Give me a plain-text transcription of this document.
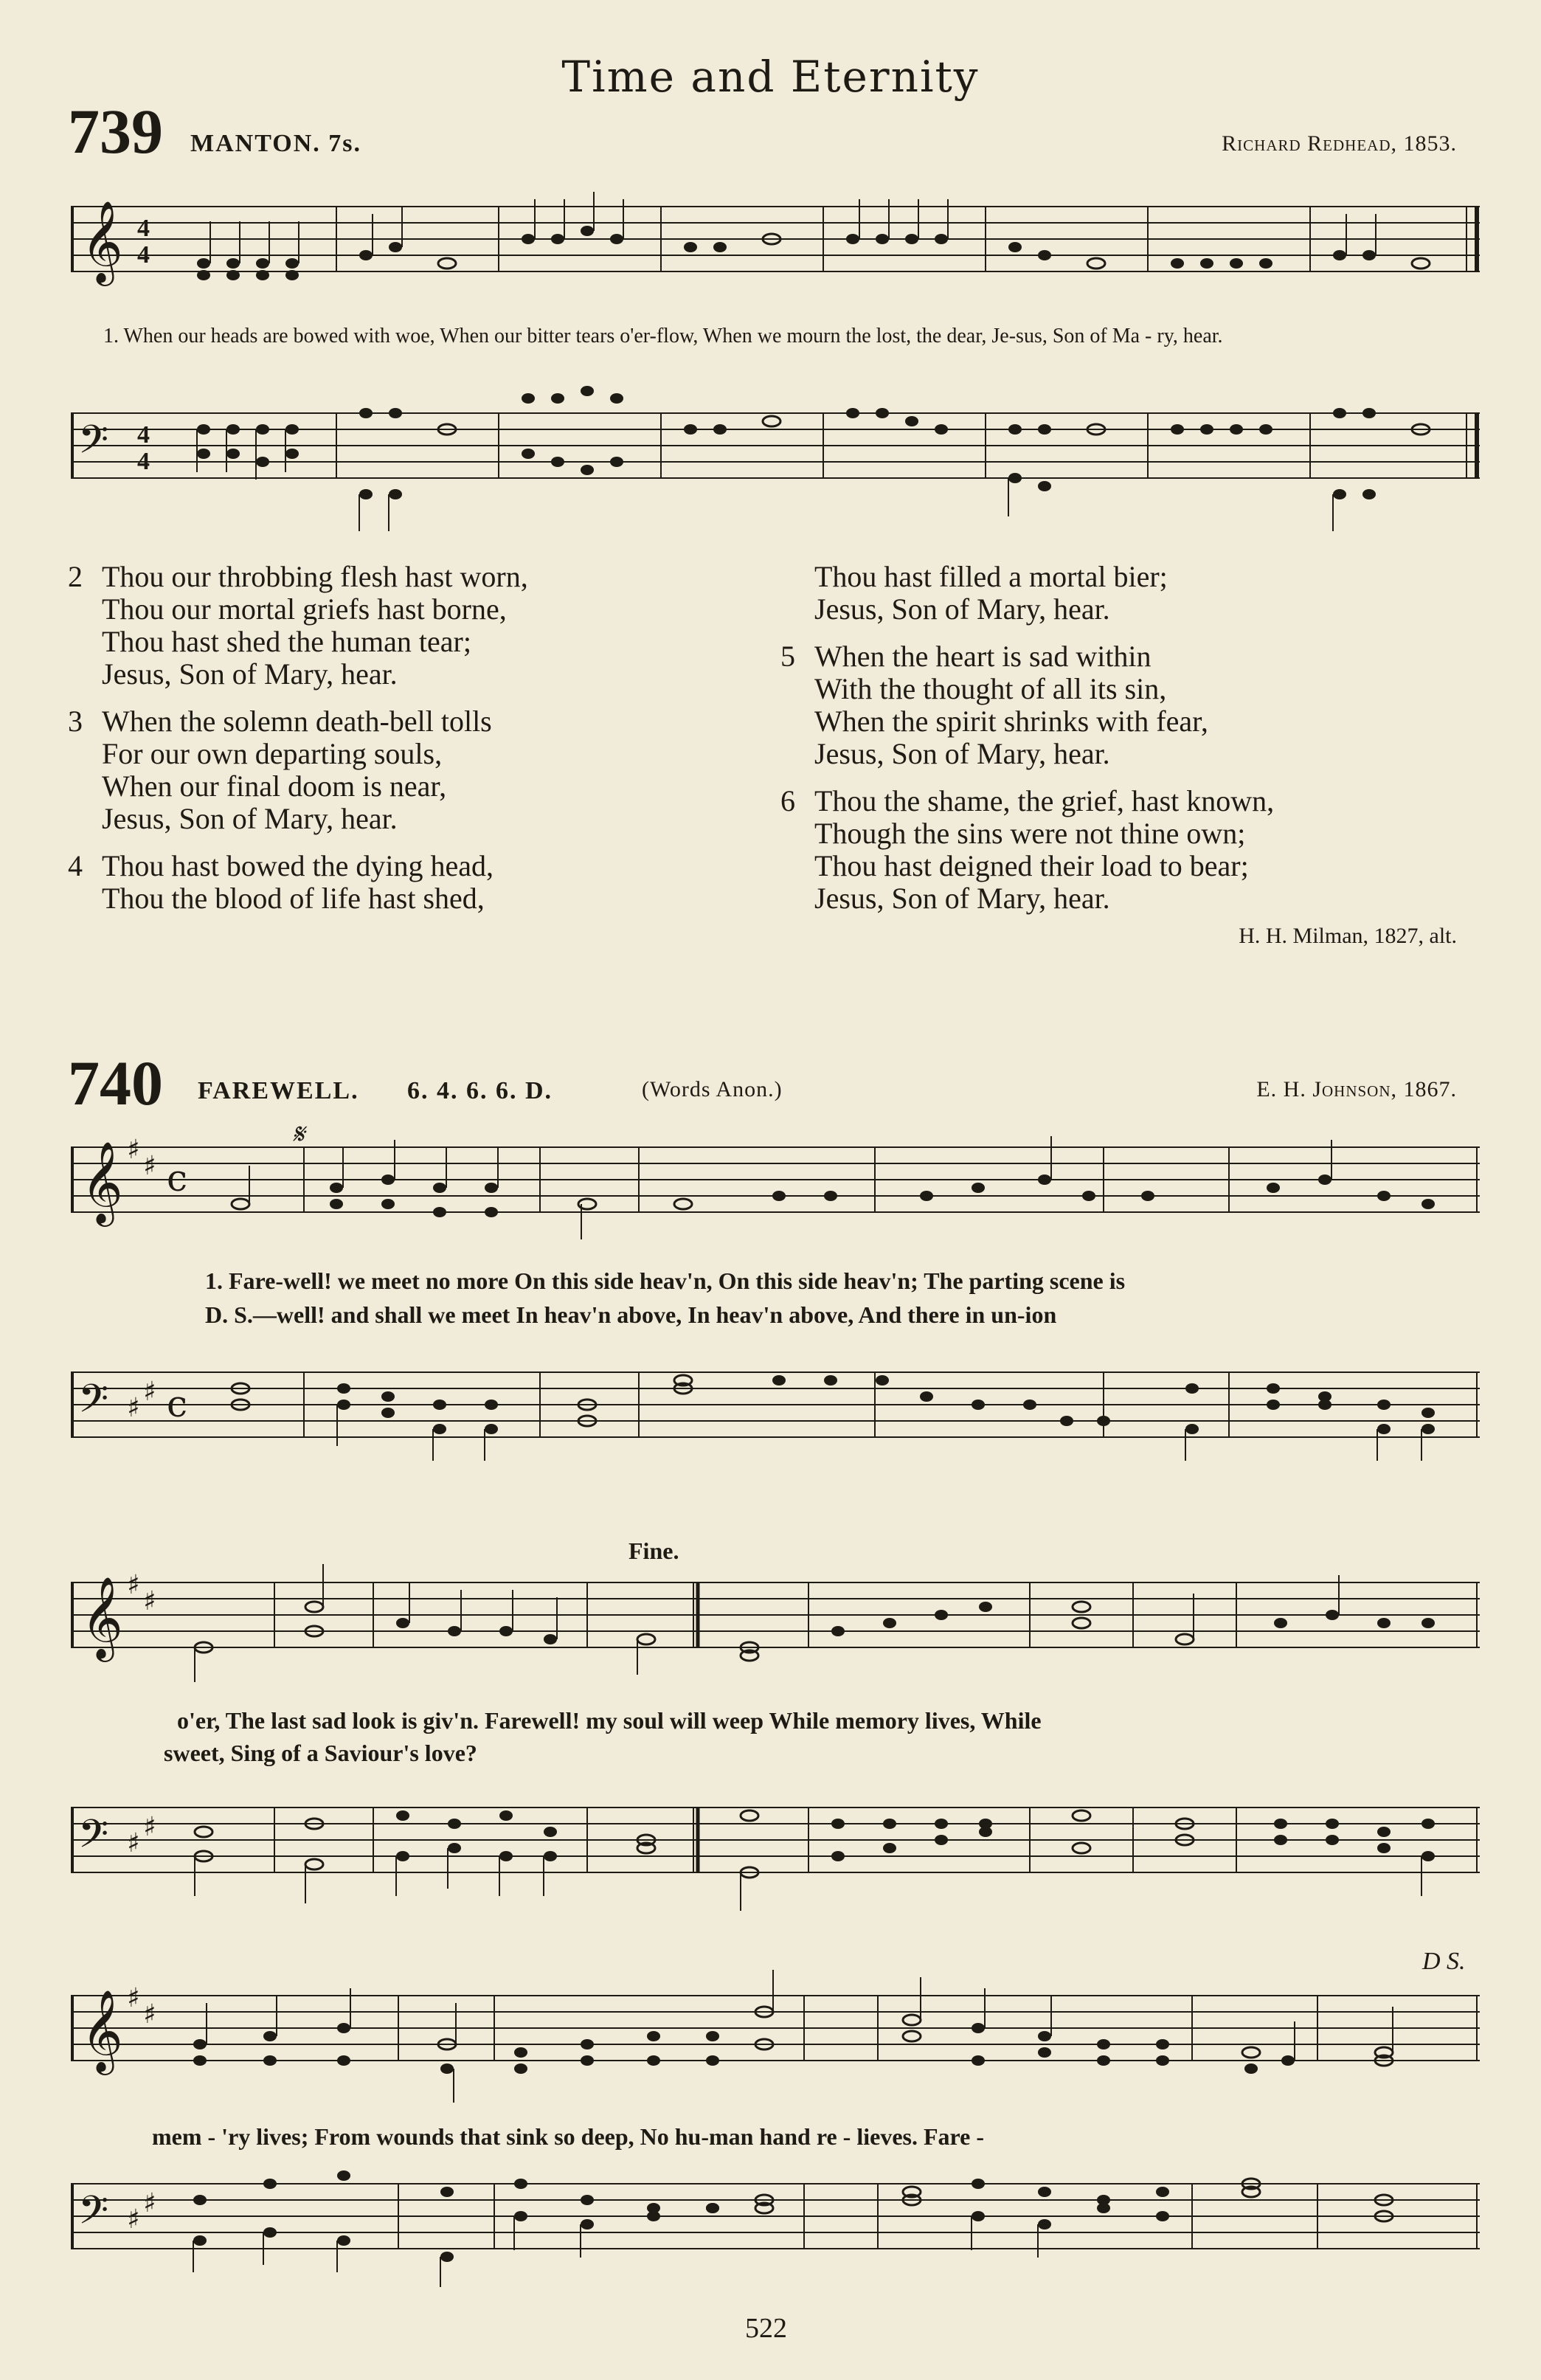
Time and Eternity
739 MANTON. 7s.	Richard Redhead, 1853.
𝄞 4
4
1. When our heads are bowed with woe, When our bitter tears o'er-flow, When we mourn the lost, the dear, Je-sus, Son of Ma - ry, hear.
𝄢 4
4
2 Thou our throbbing flesh hast worn,
Thou our mortal griefs hast borne,
Thou hast shed the human tear;
Jesus, Son of Mary, hear.
3 When the solemn death-bell tolls
For our own departing souls,
When our final doom is near,
Jesus, Son of Mary, hear.
4 Thou hast bowed the dying head,
Thou the blood of life hast shed,
Thou hast filled a mortal bier;
Jesus, Son of Mary, hear.
5 When the heart is sad within
With the thought of all its sin,
When the spirit shrinks with fear,
Jesus, Son of Mary, hear.
6 Thou the shame, the grief, hast known,
Though the sins were not thine own;
Thou hast deigned their load to bear;
Jesus, Son of Mary, hear.
H. H. Milman, 1827, alt.
740 FAREWELL. 6. 4. 6. 6. D.	(Words Anon.)	E. H. Johnson, 1867.
𝄞 ♯
♯ c
𝄋
1. Fare-well! we meet no more On this side heav'n, On this side heav'n; The parting scene is
D. S.—well! and shall we meet In heav'n above, In heav'n above, And there in un-ion
𝄢 ♯
♯ c
Fine.
𝄞 ♯
♯
o'er, The last sad look is giv'n. Farewell! my soul will weep While memory lives, While
sweet, Sing of a Saviour's love?
𝄢 ♯
♯
D S.
𝄞 ♯
♯
mem - 'ry lives; From wounds that sink so deep, No hu-man hand re - lieves. Fare -
𝄢 ♯
♯
522
